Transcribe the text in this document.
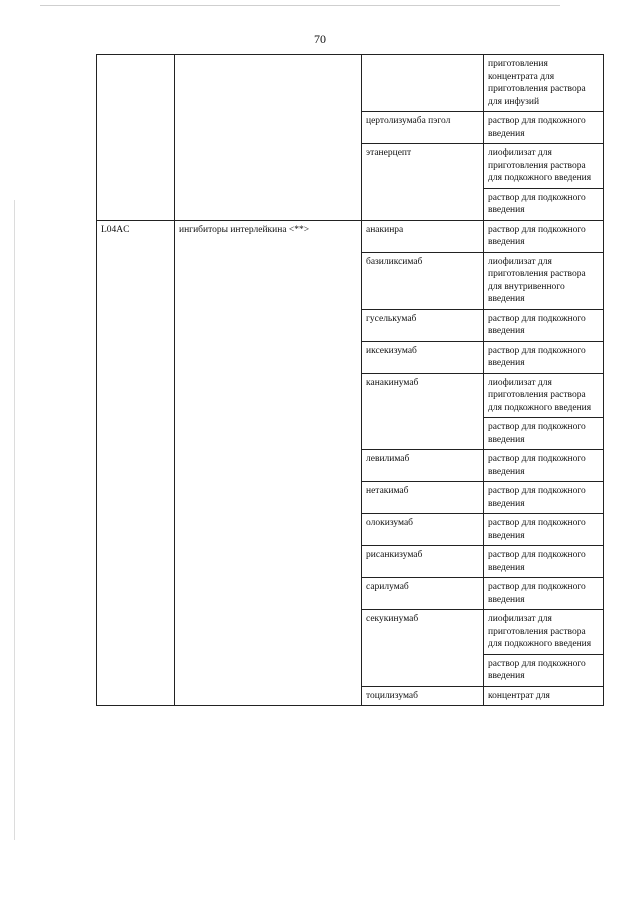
70

			приготовления концентрата для приготовления раствора для инфузий

		цертолизумаба пэгол	раствор для подкожного введения

		этанерцепт	лиофилизат для приготовления раствора для подкожного введения

			раствор для подкожного введения

L04AC	ингибиторы интерлейкина <**>	анакинра	раствор для подкожного введения

		базиликсимаб	лиофилизат для приготовления раствора для внутривенного введения

		гуселькумаб	раствор для подкожного введения

		иксекизумаб	раствор для подкожного введения

		канакинумаб	лиофилизат для приготовления раствора для подкожного введения

			раствор для подкожного введения

		левилимаб	раствор для подкожного введения

		нетакимаб	раствор для подкожного введения

		олокизумаб	раствор для подкожного введения

		рисанкизумаб	раствор для подкожного введения

		сарилумаб	раствор для подкожного введения

		секукинумаб	лиофилизат для приготовления раствора для подкожного введения

			раствор для подкожного введения

		тоцилизумаб	концентрат для
